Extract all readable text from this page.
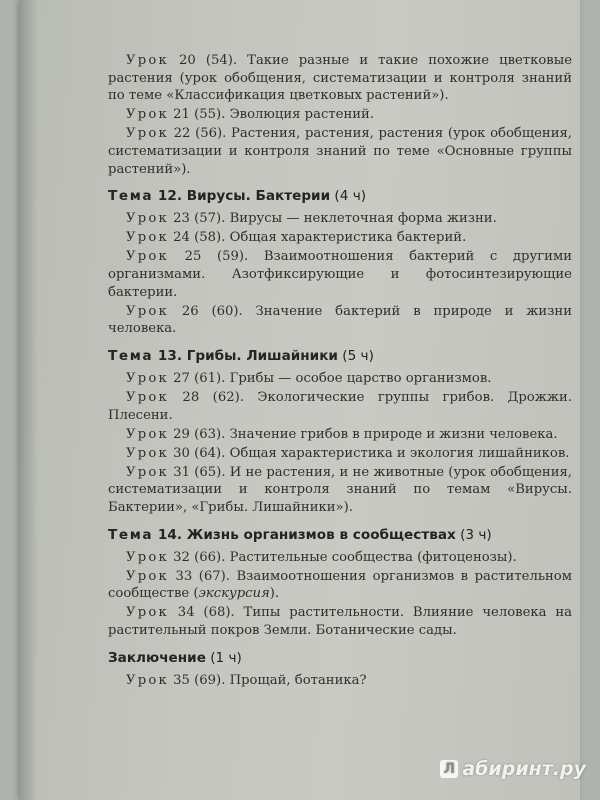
Урок 20 (54). Такие разные и такие похожие цветковые растения (урок обобщения, систематизации и контроля знаний по теме «Классификация цветковых растений»).

Урок 21 (55). Эволюция растений.

Урок 22 (56). Растения, растения, растения (урок обобщения, систематизации и контроля знаний по теме «Основные группы растений»).

Тема 12. Вирусы. Бактерии (4 ч)

Урок 23 (57). Вирусы — неклеточная форма жизни.

Урок 24 (58). Общая характеристика бактерий.

Урок 25 (59). Взаимоотношения бактерий с другими организмами. Азотфиксирующие и фотосинтезирующие бактерии.

Урок 26 (60). Значение бактерий в природе и жизни человека.

Тема 13. Грибы. Лишайники (5 ч)

Урок 27 (61). Грибы — особое царство организмов.

Урок 28 (62). Экологические группы грибов. Дрожжи. Плесени.

Урок 29 (63). Значение грибов в природе и жизни человека.

Урок 30 (64). Общая характеристика и экология лишайников.

Урок 31 (65). И не растения, и не животные (урок обобщения, систематизации и контроля знаний по темам «Вирусы. Бактерии», «Грибы. Лишайники»).

Тема 14. Жизнь организмов в сообществах (3 ч)

Урок 32 (66). Растительные сообщества (фитоценозы).

Урок 33 (67). Взаимоотношения организмов в растительном сообществе (экскурсия).

Урок 34 (68). Типы растительности. Влияние человека на растительный покров Земли. Ботанические сады.

Заключение (1 ч)

Урок 35 (69). Прощай, ботаника?

Л абиринт.ру
